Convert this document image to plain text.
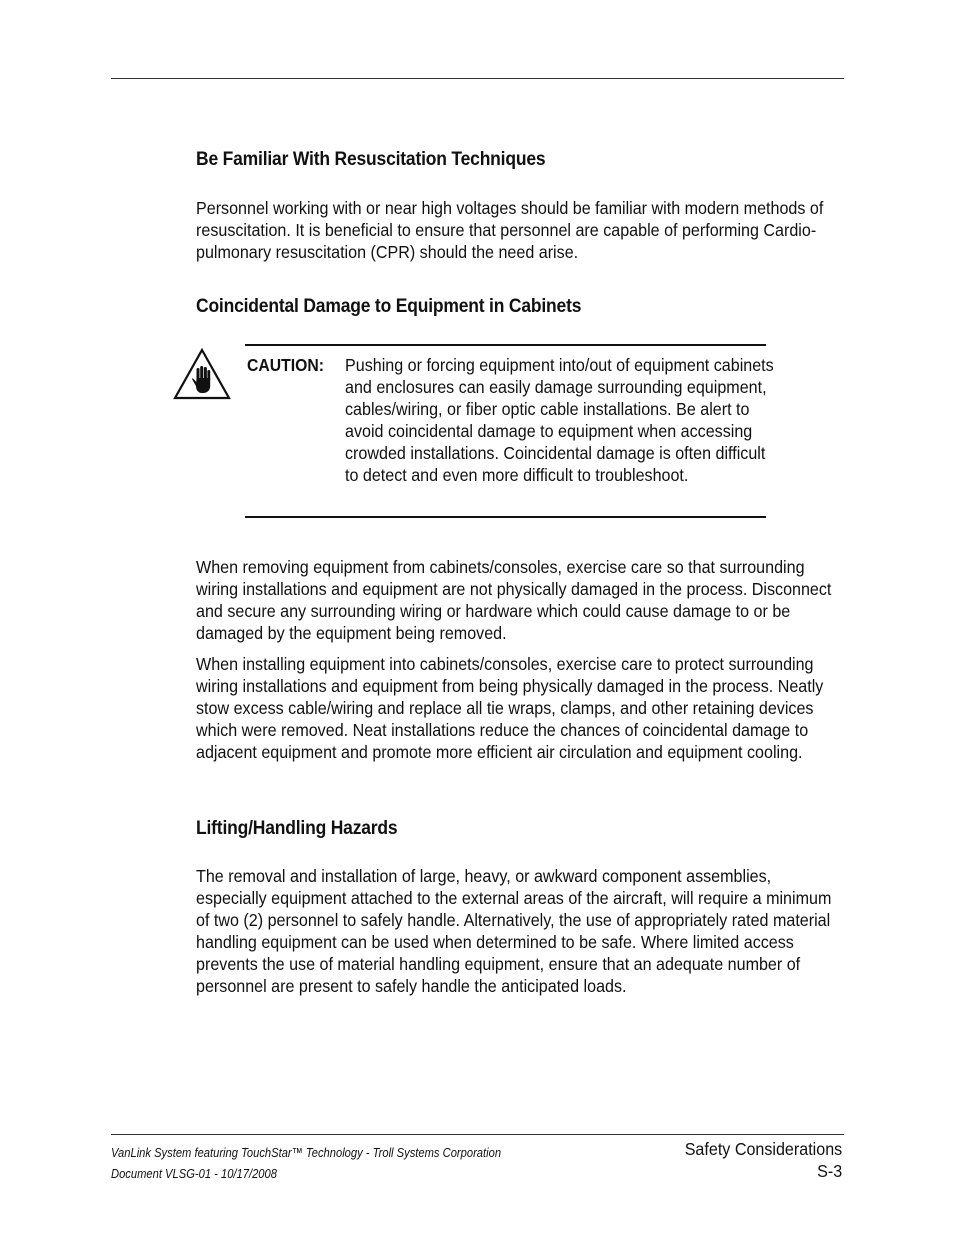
Be Familiar With Resuscitation Techniques

Personnel working with or near high voltages should be familiar with modern methods of resuscitation. It is beneficial to ensure that personnel are capable of performing Cardio-pulmonary resuscitation (CPR) should the need arise.

Coincidental Damage to Equipment in Cabinets

CAUTION: Pushing or forcing equipment into/out of equipment cabinets and enclosures can easily damage surrounding equipment, cables/wiring, or fiber optic cable installations. Be alert to avoid coincidental damage to equipment when accessing crowded installations. Coincidental damage is often difficult to detect and even more difficult to troubleshoot.

When removing equipment from cabinets/consoles, exercise care so that surrounding wiring installations and equipment are not physically damaged in the process. Disconnect and secure any surrounding wiring or hardware which could cause damage to or be damaged by the equipment being removed.

When installing equipment into cabinets/consoles, exercise care to protect surrounding wiring installations and equipment from being physically damaged in the process. Neatly stow excess cable/wiring and replace all tie wraps, clamps, and other retaining devices which were removed. Neat installations reduce the chances of coincidental damage to adjacent equipment and promote more efficient air circulation and equipment cooling.

Lifting/Handling Hazards

The removal and installation of large, heavy, or awkward component assemblies, especially equipment attached to the external areas of the aircraft, will require a minimum of two (2) personnel to safely handle. Alternatively, the use of appropriately rated material handling equipment can be used when determined to be safe. Where limited access prevents the use of material handling equipment, ensure that an adequate number of personnel are present to safely handle the anticipated loads.

VanLink System featuring TouchStar™ Technology - Troll Systems Corporation
Document VLSG-01 - 10/17/2008
Safety Considerations
S-3
